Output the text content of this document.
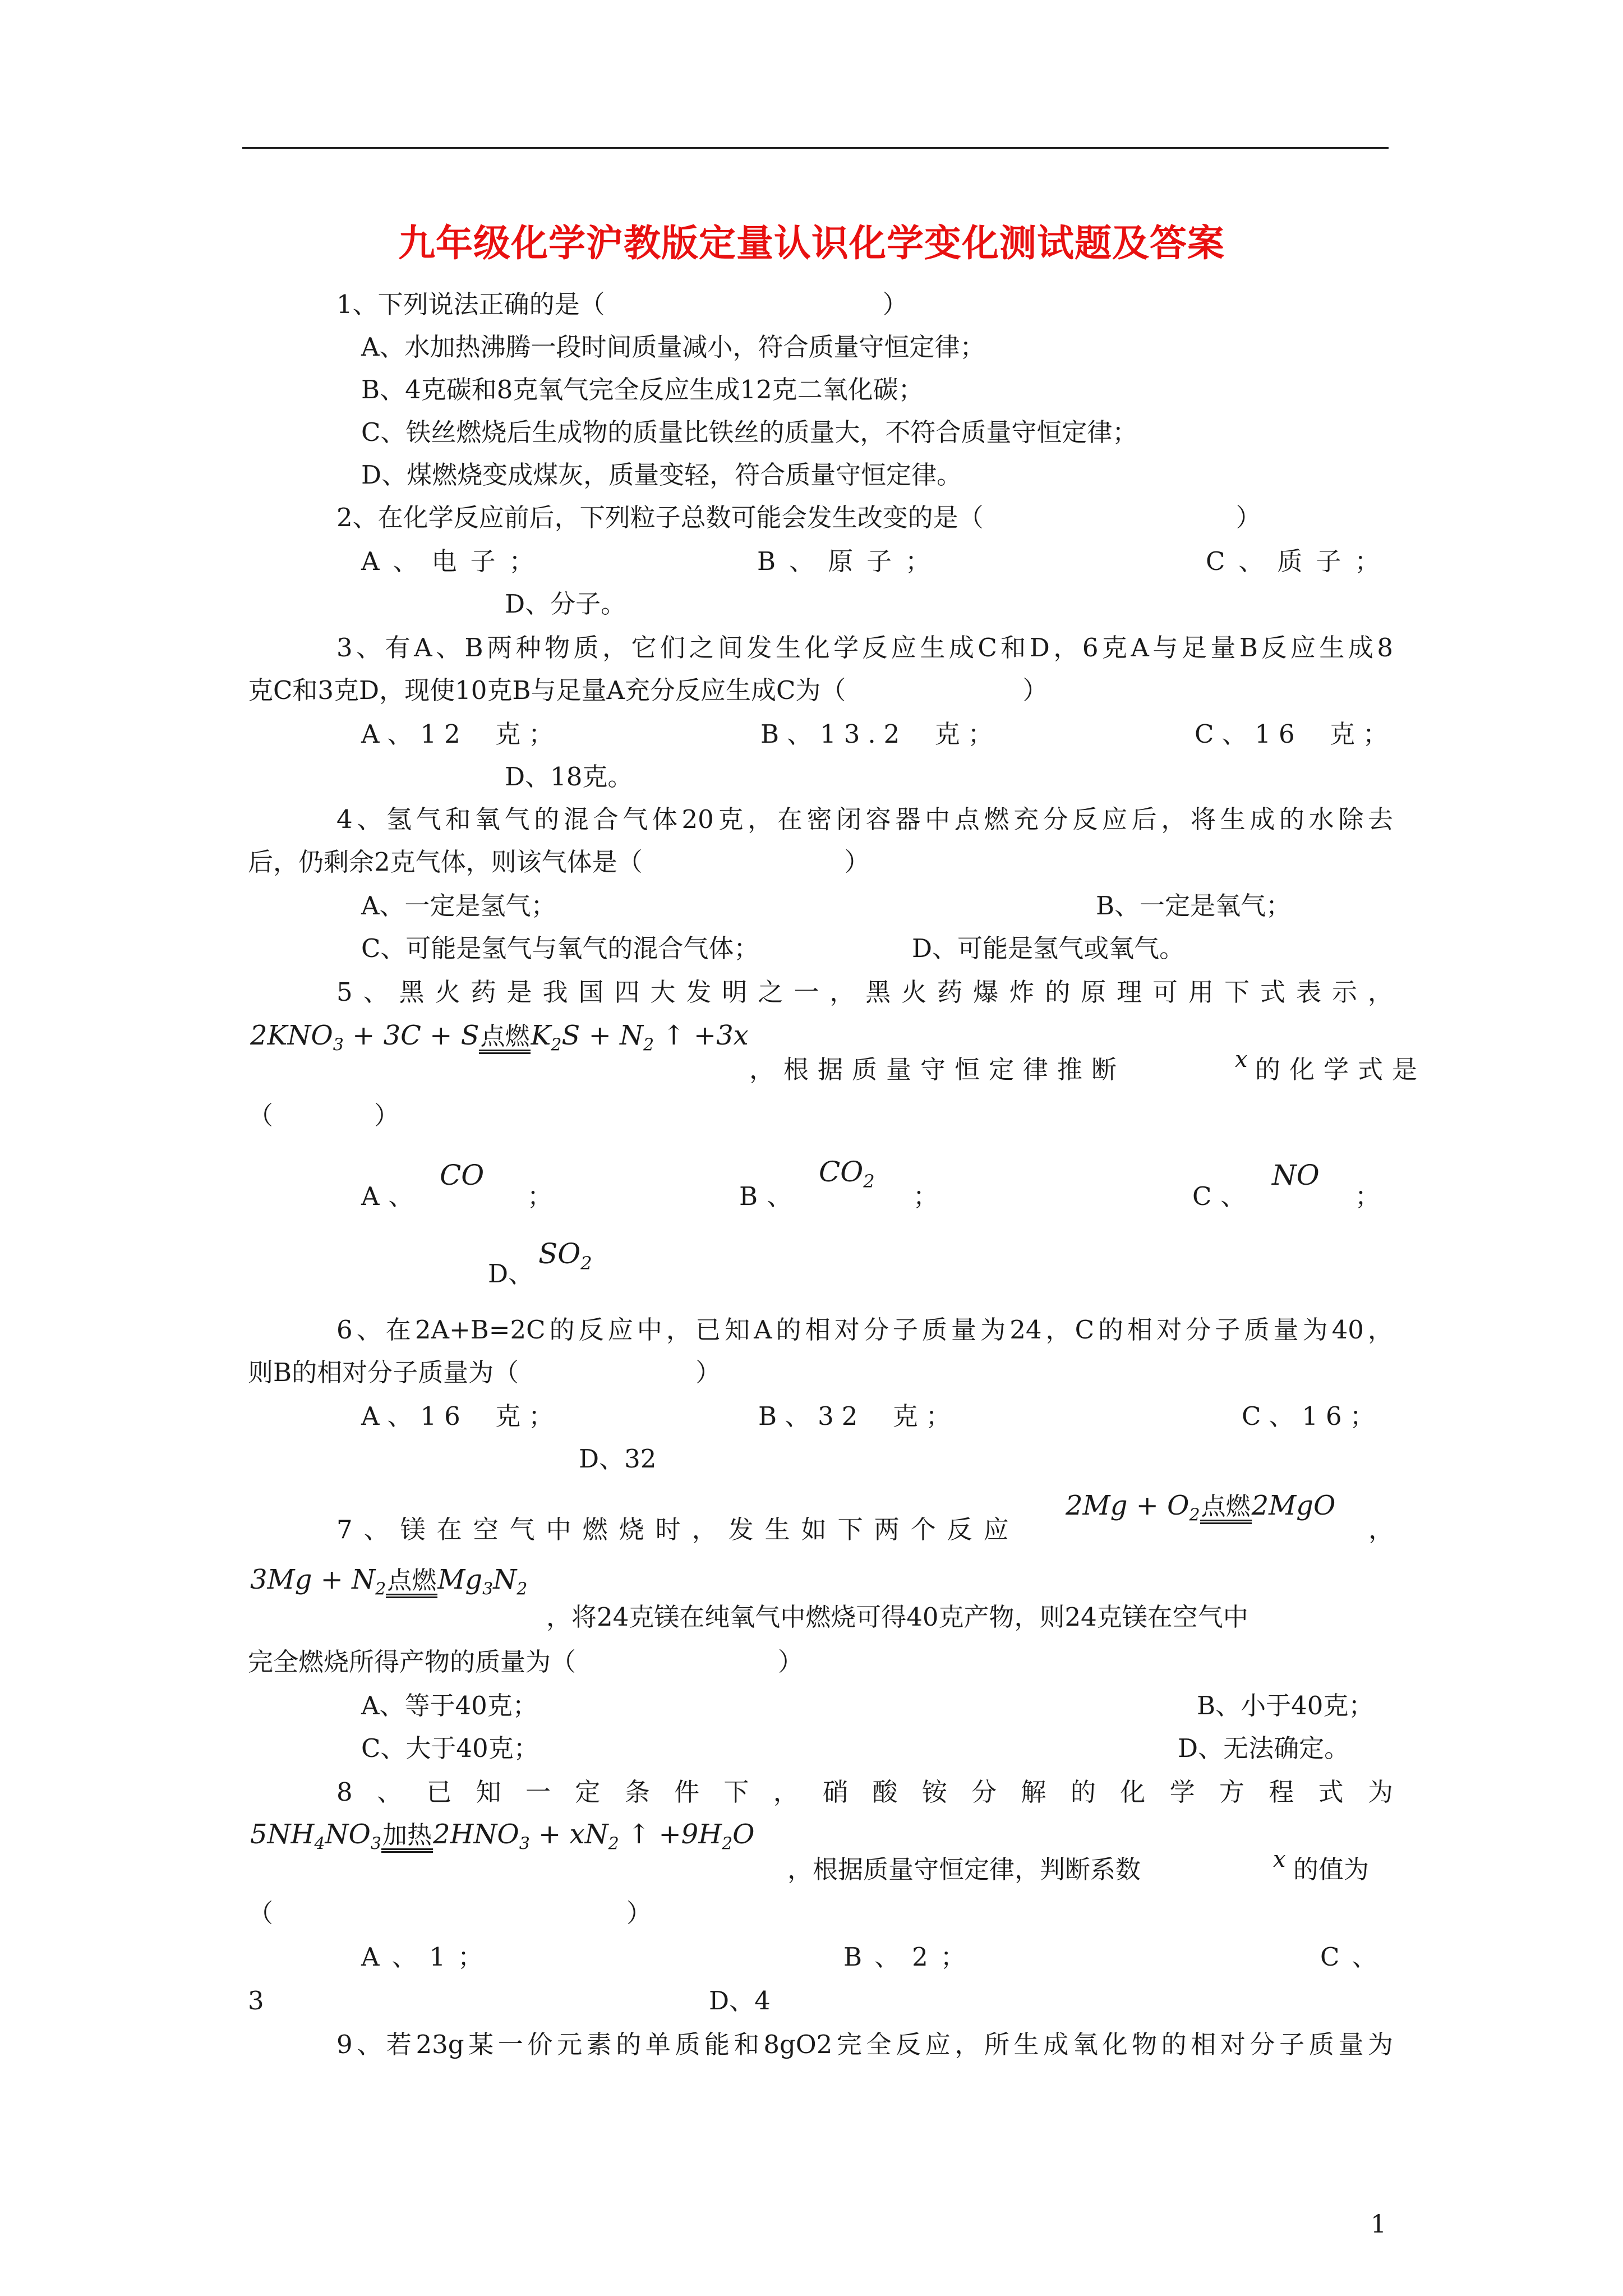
九年级化学沪教版定量认识化学变化测试题及答案
1、下列说法正确的是（　　　　　　　　　　　）
A、水加热沸腾一段时间质量减小，符合质量守恒定律；
B、4克碳和8克氧气完全反应生成12克二氧化碳；
C、铁丝燃烧后生成物的质量比铁丝的质量大，不符合质量守恒定律；
D、煤燃烧变成煤灰，质量变轻，符合质量守恒定律。
2、在化学反应前后，下列粒子总数可能会发生改变的是（　　　　　　　　　　）
A、电子；	B、原子；	C、质子；
D、分子。
3、有A、B两种物质，它们之间发生化学反应生成C和D，6克A与足量B反应生成8
克C和3克D，现使10克B与足量A充分反应生成C为（　　　　　　　）
A、12 克；	B、13.2 克；	C、16 克；
D、18克。
4、氢气和氧气的混合气体20克，在密闭容器中点燃充分反应后，将生成的水除去
后，仍剩余2克气体，则该气体是（　　　　　　　　）
A、一定是氢气；	B、一定是氧气；
C、可能是氢气与氧气的混合气体；	D、可能是氢气或氧气。
5、黑火药是我国四大发明之一，黑火药爆炸的原理可用下式表示，
$2KNO_3 + 3C + S$点燃$K_2S + N_2$ ↑ +3x
，根据质量守恒定律推断	x 的化学式是
（　　　　）
A、
CO
；	B、
$CO_2$ ；	C、
NO
；
D、
$SO_2$
6、在2A+B=2C的反应中，已知A的相对分子质量为24，C的相对分子质量为40，
则B的相对分子质量为（　　　　　　　）
A、16 克；	B、32 克；	C、16；
D、32
7、镁在空气中燃烧时，发生如下两个反应
$2Mg + O_2$点燃2MgO
，
$3Mg + N_2$点燃$Mg_3N_2$
，将24克镁在纯氧气中燃烧可得40克产物，则24克镁在空气中
完全燃烧所得产物的质量为（　　　　　　　　）
A、等于40克；	B、小于40克；
C、大于40克；	D、无法确定。
8、已知一定条件下，硝酸铵分解的化学方程式为
$5NH_4NO_3$加热$2HNO_3 + xN_2$ ↑ $+9H_2O$
，根据质量守恒定律，判断系数	x 的值为
（　　　　　　　　　　　　　　）
A、1；	B、2；	C、
3	D、4
9、若23g某一价元素的单质能和8gO2完全反应，所生成氧化物的相对分子质量为
1
